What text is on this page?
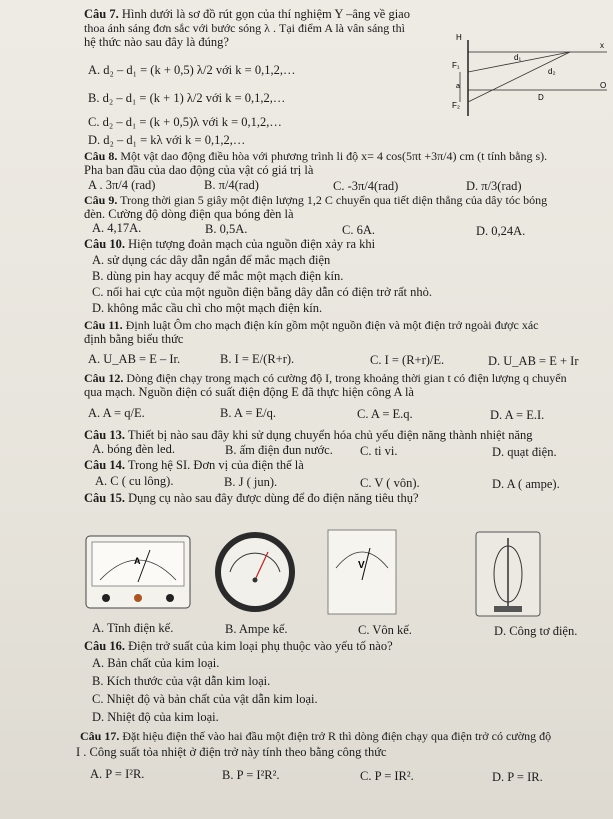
Câu 7. Hình dưới là sơ đồ rút gọn của thí nghiệm Y –âng về giao
thoa ánh sáng đơn sắc với bước sóng λ . Tại điểm A là vân sáng thì
hệ thức nào sau đây là đúng?
A. d₂ – d₁ = (k + 0,5) λ/2 với k = 0,1,2,…
B. d₂ – d₁ = (k + 1) λ/2 với k = 0,1,2,…
C. d₂ – d₁ = (k + 0,5)λ với k = 0,1,2,…
D. d₂ – d₁ = kλ với k = 0,1,2,…
H
F₁
F₂
a
d₁
d₂
D
x
O
Câu 8. Một vật dao động điều hòa với phương trình li độ x= 4 cos(5πt +3π/4) cm (t tính bằng s).
Pha ban đầu của dao động của vật có giá trị là
A . 3π/4 (rad)	B. π/4(rad)	C. -3π/4(rad)	D. π/3(rad)
Câu 9. Trong thời gian 5 giây một điện lượng 1,2 C chuyển qua tiết diện thẳng của dây tóc bóng
đèn. Cường độ dòng điện qua bóng đèn là
A. 4,17A.	B. 0,5A.	C. 6A.	D. 0,24A.
Câu 10. Hiện tượng đoản mạch của nguồn điện xảy ra khi
A. sử dụng các dây dẫn ngắn để mắc mạch điện
B. dùng pin hay acquy để mắc một mạch điện kín.
C. nối hai cực của một nguồn điện bằng dây dẫn có điện trở rất nhỏ.
D. không mắc cầu chì cho một mạch điện kín.
Câu 11. Định luật Ôm cho mạch điện kín gồm một nguồn điện và một điện trở ngoài được xác
định bằng biểu thức
A. U_AB = E – Ir.	B. I = E/(R+r).	C. I = (R+r)/E.	D. U_AB = E + Ir
Câu 12. Dòng điện chạy trong mạch có cường độ I, trong khoảng thời gian t có điện lượng q chuyển
qua mạch. Nguồn điện có suất điện động E đã thực hiện công A là
A. A = q/E.	B. A = E/q.	C. A = E.q.	D. A = E.I.
Câu 13. Thiết bị nào sau đây khi sử dụng chuyển hóa chủ yếu điện năng thành nhiệt năng
A. bóng đèn led.	B. ấm điện đun nước. C. ti vi.	D. quạt điện.
Câu 14. Trong hệ SI. Đơn vị của điện thế là
A. C ( cu lông).	B. J ( jun).	C. V ( vôn).	D. A ( ampe).
Câu 15. Dụng cụ nào sau đây được dùng để đo điện năng tiêu thụ?
A	V
A. Tĩnh điện kế.	B. Ampe kế.	C. Vôn kế.	D. Công tơ điện.
Câu 16. Điện trở suất của kim loại phụ thuộc vào yếu tố nào?
A. Bản chất của kim loại.
B. Kích thước của vật dẫn kim loại.
C. Nhiệt độ và bản chất của vật dẫn kim loại.
D. Nhiệt độ của kim loại.
Câu 17. Đặt hiệu điện thế vào hai đầu một điện trở R thì dòng điện chạy qua điện trở có cường độ
I . Công suất tỏa nhiệt ở điện trở này tính theo bằng công thức
A. P = I²R.	B. P = I²R².	C. P = IR².	D. P = IR.
